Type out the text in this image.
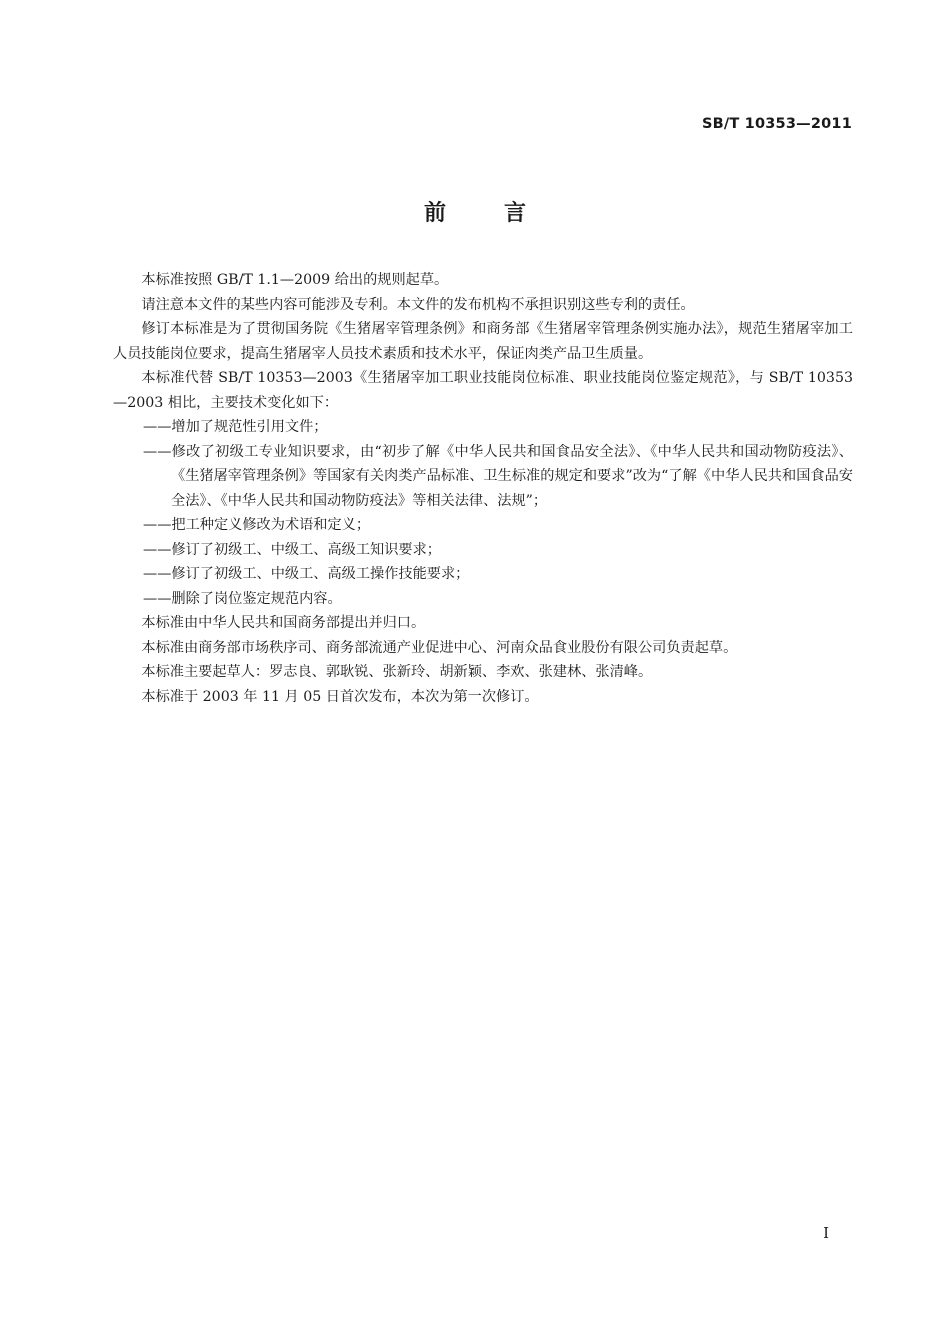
SB/T 10353—2011
前言

本标准按照 GB/T 1.1—2009 给出的规则起草。

请注意本文件的某些内容可能涉及专利。本文件的发布机构不承担识别这些专利的责任。

修订本标准是为了贯彻国务院《生猪屠宰管理条例》和商务部《生猪屠宰管理条例实施办法》，规范生猪屠宰加工人员技能岗位要求，提高生猪屠宰人员技术素质和技术水平，保证肉类产品卫生质量。

本标准代替 SB/T 10353—2003《生猪屠宰加工职业技能岗位标准、职业技能岗位鉴定规范》，与 SB/T 10353—2003 相比，主要技术变化如下：

——增加了规范性引用文件；

——修改了初级工专业知识要求，由“初步了解《中华人民共和国食品安全法》、《中华人民共和国动物防疫法》、《生猪屠宰管理条例》等国家有关肉类产品标准、卫生标准的规定和要求”改为“了解《中华人民共和国食品安全法》、《中华人民共和国动物防疫法》等相关法律、法规”；

——把工种定义修改为术语和定义；

——修订了初级工、中级工、高级工知识要求；

——修订了初级工、中级工、高级工操作技能要求；

——删除了岗位鉴定规范内容。

本标准由中华人民共和国商务部提出并归口。

本标准由商务部市场秩序司、商务部流通产业促进中心、河南众品食业股份有限公司负责起草。

本标准主要起草人：罗志良、郭耿锐、张新玲、胡新颖、李欢、张建林、张清峰。

本标准于 2003 年 11 月 05 日首次发布，本次为第一次修订。

I
